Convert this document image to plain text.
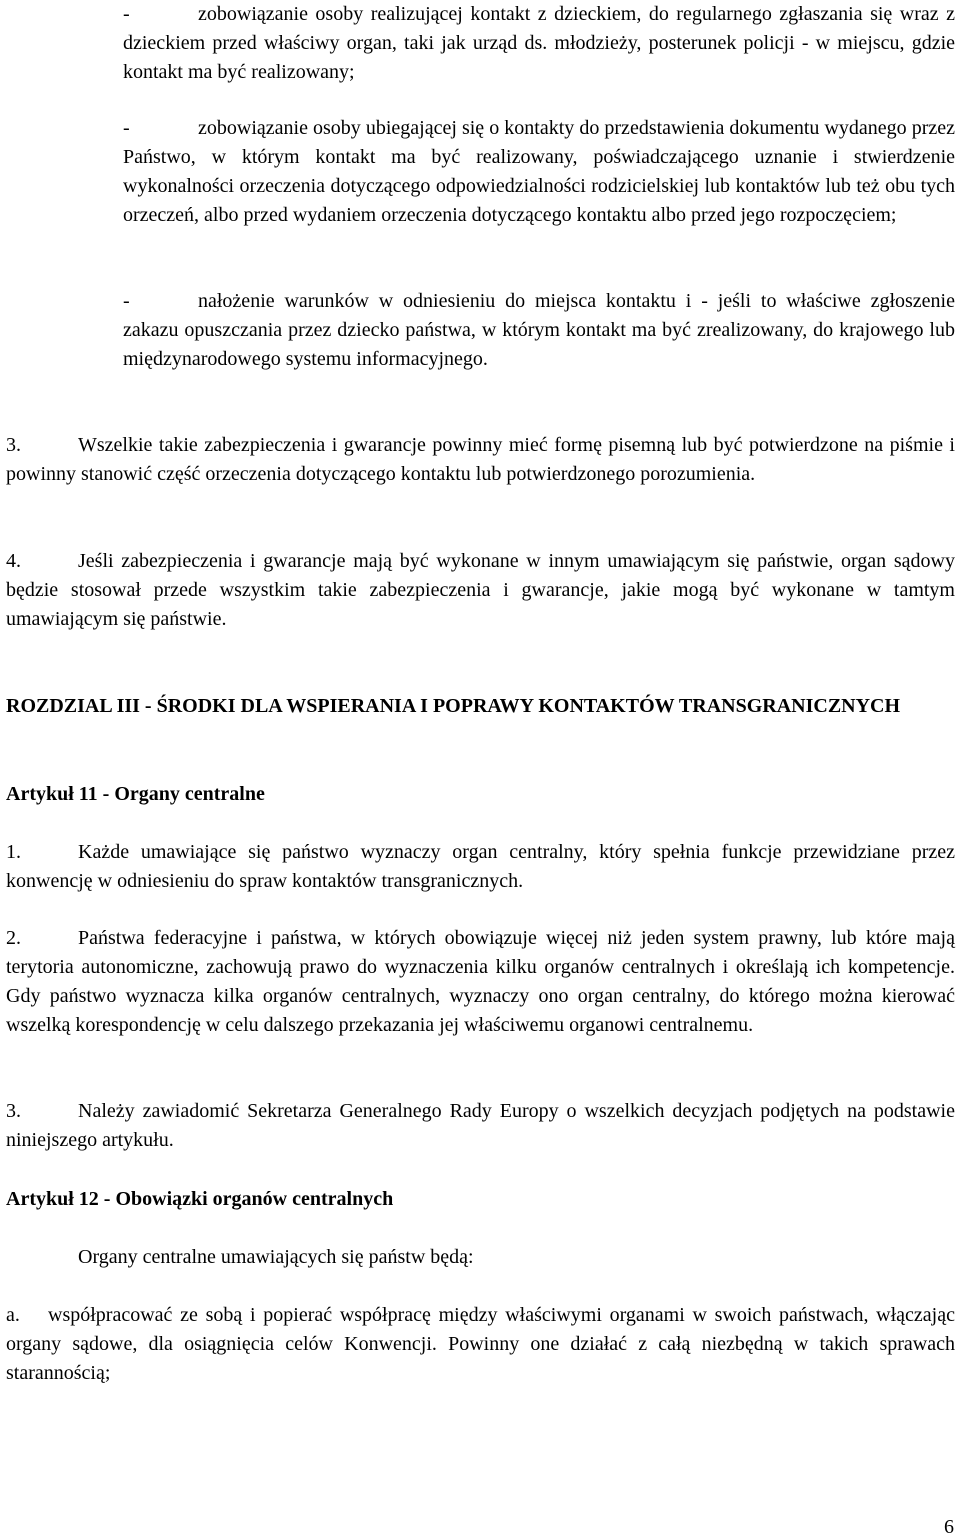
-	zobowiązanie osoby realizującej kontakt z dzieckiem, do regularnego zgłaszania się wraz z dzieckiem przed właściwy organ, taki jak urząd ds. młodzieży, posterunek policji - w miejscu, gdzie kontakt ma być realizowany;

-	zobowiązanie osoby ubiegającej się o kontakty do przedstawienia dokumentu wydanego przez Państwo, w którym kontakt ma być realizowany, poświadczającego uznanie i stwierdzenie wykonalności orzeczenia dotyczącego odpowiedzialności rodzicielskiej lub kontaktów lub też obu tych orzeczeń, albo przed wydaniem orzeczenia dotyczącego kontaktu albo przed jego rozpoczęciem;

-	nałożenie warunków w odniesieniu do miejsca kontaktu i - jeśli to właściwe zgłoszenie zakazu opuszczania przez dziecko państwa, w którym kontakt ma być zrealizowany, do krajowego lub międzynarodowego systemu informacyjnego.

3.	Wszelkie takie zabezpieczenia i gwarancje powinny mieć formę pisemną lub być potwierdzone na piśmie i powinny stanowić część orzeczenia dotyczącego kontaktu lub potwierdzonego porozumienia.

4.	Jeśli zabezpieczenia i gwarancje mają być wykonane w innym umawiającym się państwie, organ sądowy będzie stosował przede wszystkim takie zabezpieczenia i gwarancje, jakie mogą być wykonane w tamtym umawiającym się państwie.

ROZDZIAL III - ŚRODKI DLA WSPIERANIA I POPRAWY KONTAKTÓW TRANSGRANICZNYCH

Artykuł 11 - Organy centralne

1.	Każde umawiające się państwo wyznaczy organ centralny, który spełnia funkcje przewidziane przez konwencję w odniesieniu do spraw kontaktów transgranicznych.

2.	Państwa federacyjne i państwa, w których obowiązuje więcej niż jeden system prawny, lub które mają terytoria autonomiczne, zachowują prawo do wyznaczenia kilku organów centralnych i określają ich kompetencje. Gdy państwo wyznacza kilka organów centralnych, wyznaczy ono organ centralny, do którego można kierować wszelką korespondencję w celu dalszego przekazania jej właściwemu organowi centralnemu.

3.	Należy zawiadomić Sekretarza Generalnego Rady Europy o wszelkich decyzjach podjętych na podstawie niniejszego artykułu.

Artykuł 12 - Obowiązki organów centralnych

Organy centralne umawiających się państw będą:

a. współpracować ze sobą i popierać współpracę między właściwymi organami w swoich państwach, włączając organy sądowe, dla osiągnięcia celów Konwencji. Powinny one działać z całą niezbędną w takich sprawach starannością;

6
